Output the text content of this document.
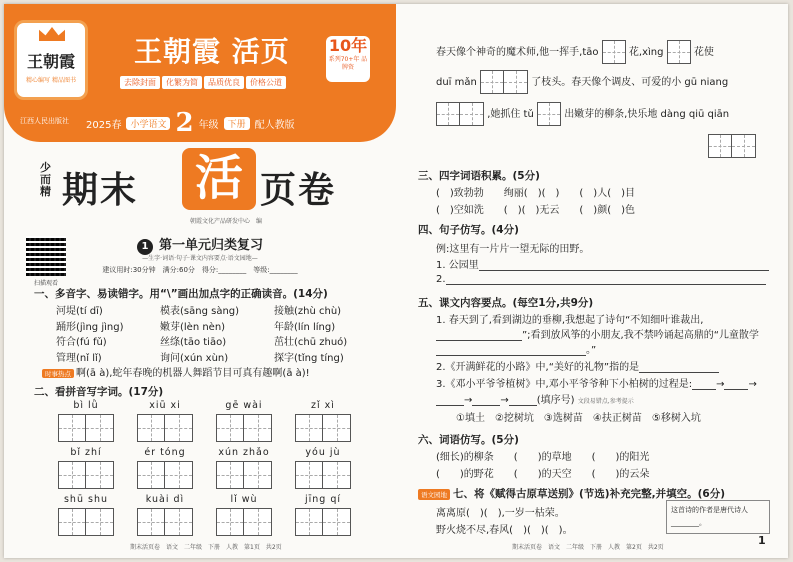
王朝霞
精心编写 精品图书
王朝霞 活页 10年
系列70+年 品牌资
去除封面	化繁为简	品质优良	价格公道
江西人民出版社 2025春	小学语文 2 年级	下册 配人教版
少而精 期末 活 页卷
朝霞文化产品研发中心　编
扫描观看
1 第一单元归类复习
—生字·词语·句子·课文内容要点·语文园地—
建议用时:30分钟　满分:60分　得分:________　等级:________
一、多音字、易读错字。用“\”画出加点字的正确读音。(14分)
河堤(tí dī)	模表(sāng sàng)	接触(zhù chù)
踊形(jìng jìng)	嫩芽(lèn nèn)	年龄(lín líng)
符合(fú fǔ)	丝绦(tāo tiāo)	茁壮(chū zhuó)
管理(nǐ lǐ)	询问(xún xùn)	探字(tǐng tíng)
时事热点 啊(ā à),蛇年春晚的机器人舞蹈节目可真有趣啊(ā à)!
二、看拼音写字词。(17分)
bì lǜ	xiū xi	gē wài	zǐ xì
bǐ zhí	ér tóng	xún zhǎo	yóu jù
shū shu	kuài dì	lǐ wù	jīng qí
期末活页卷　语文　二年级　下册　人教　第1页　共2页
春天像个神奇的魔术师,他一挥手,tāo	花,xìng	花使
duī mǎn	了枝头。春天像个调皮、可爱的小 gū niang
,她抓住 tǔ	出嫩芽的柳条,快乐地 dàng qiū qiān
三、四字词语积累。(5分)
(　)致勃勃　　绚丽(　)(　)　　(　)人(　)目
(　)空如洗　　(　)(　)无云　　(　)颜(　)色
四、句子仿写。(4分)
例:这里有一片片一望无际的田野。
1. 公园里
2.
五、课文内容要点。(每空1分,共9分)
1. 春天到了,看到湖边的垂柳,我想起了诗句“不知细叶谁裁出,
”;看到放风筝的小朋友,我不禁吟诵起高鼎的“儿童散学
。”
2.《开满鲜花的小路》中,“美好的礼物”指的是
3.《邓小平爷爷植树》中,邓小平爷爷种下小柏树的过程是: → →
→	→	(填序号) 文段易错点,参考提示
①填土　②挖树坑　③选树苗　④扶正树苗　⑤移树入坑
六、词语仿写。(5分)
(细长)的柳条　　(　　)的草地　　(　　)的阳光
(　　)的野花　　(　　)的天空　　(　　)的云朵
语文园地 七、将《赋得古原草送别》(节选)补充完整,并填空。(6分)
离离原(　)(　),一岁一枯荣。
野火烧不尽,春风(　)(　)(　)。
这首诗的作者是唐代诗人________。
期末活页卷　语文　二年级　下册　人教　第2页　共2页
1
